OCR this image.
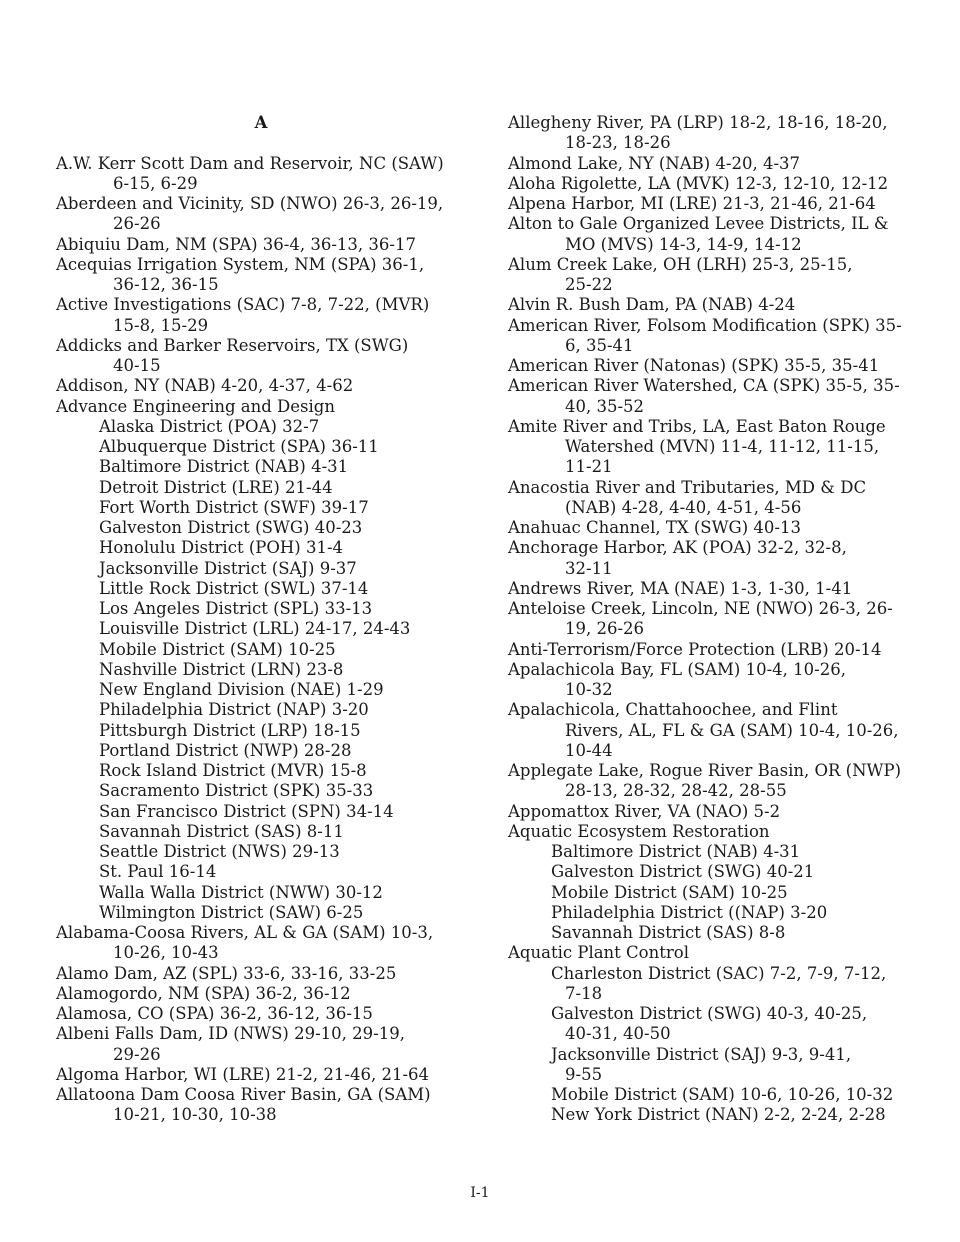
A
A.W. Kerr Scott Dam and Reservoir, NC (SAW)
6-15, 6-29
Aberdeen and Vicinity, SD (NWO) 26-3, 26-19,
26-26
Abiquiu Dam, NM (SPA) 36-4, 36-13, 36-17
Acequias Irrigation System, NM (SPA) 36-1,
36-12, 36-15
Active Investigations (SAC) 7-8, 7-22, (MVR)
15-8, 15-29
Addicks and Barker Reservoirs, TX (SWG)
40-15
Addison, NY (NAB) 4-20, 4-37, 4-62
Advance Engineering and Design
Alaska District (POA) 32-7
Albuquerque District (SPA) 36-11
Baltimore District (NAB) 4-31
Detroit District (LRE) 21-44
Fort Worth District (SWF) 39-17
Galveston District (SWG) 40-23
Honolulu District (POH) 31-4
Jacksonville District (SAJ) 9-37
Little Rock District (SWL) 37-14
Los Angeles District (SPL) 33-13
Louisville District (LRL) 24-17, 24-43
Mobile District (SAM) 10-25
Nashville District (LRN) 23-8
New England Division (NAE) 1-29
Philadelphia District (NAP) 3-20
Pittsburgh District (LRP) 18-15
Portland District (NWP) 28-28
Rock Island District (MVR) 15-8
Sacramento District (SPK) 35-33
San Francisco District (SPN) 34-14
Savannah District (SAS) 8-11
Seattle District (NWS) 29-13
St. Paul 16-14
Walla Walla District (NWW) 30-12
Wilmington District (SAW) 6-25
Alabama-Coosa Rivers, AL & GA (SAM) 10-3,
10-26, 10-43
Alamo Dam, AZ (SPL) 33-6, 33-16, 33-25
Alamogordo, NM (SPA) 36-2, 36-12
Alamosa, CO (SPA) 36-2, 36-12, 36-15
Albeni Falls Dam, ID (NWS) 29-10, 29-19,
29-26
Algoma Harbor, WI (LRE) 21-2, 21-46, 21-64
Allatoona Dam Coosa River Basin, GA (SAM)
10-21, 10-30, 10-38
Allegheny River, PA (LRP) 18-2, 18-16, 18-20,
18-23, 18-26
Almond Lake, NY (NAB) 4-20, 4-37
Aloha Rigolette, LA (MVK) 12-3, 12-10, 12-12
Alpena Harbor, MI (LRE) 21-3, 21-46, 21-64
Alton to Gale Organized Levee Districts, IL &
MO (MVS) 14-3, 14-9, 14-12
Alum Creek Lake, OH (LRH) 25-3, 25-15,
25-22
Alvin R. Bush Dam, PA (NAB) 4-24
American River, Folsom Modification (SPK) 35-
6, 35-41
American River (Natonas) (SPK) 35-5, 35-41
American River Watershed, CA (SPK) 35-5, 35-
40, 35-52
Amite River and Tribs, LA, East Baton Rouge
Watershed (MVN) 11-4, 11-12, 11-15,
11-21
Anacostia River and Tributaries, MD & DC
(NAB) 4-28, 4-40, 4-51, 4-56
Anahuac Channel, TX (SWG) 40-13
Anchorage Harbor, AK (POA) 32-2, 32-8,
32-11
Andrews River, MA (NAE) 1-3, 1-30, 1-41
Anteloise Creek, Lincoln, NE (NWO) 26-3, 26-
19, 26-26
Anti-Terrorism/Force Protection (LRB) 20-14
Apalachicola Bay, FL (SAM) 10-4, 10-26,
10-32
Apalachicola, Chattahoochee, and Flint
Rivers, AL, FL & GA (SAM) 10-4, 10-26,
10-44
Applegate Lake, Rogue River Basin, OR (NWP)
28-13, 28-32, 28-42, 28-55
Appomattox River, VA (NAO) 5-2
Aquatic Ecosystem Restoration
Baltimore District (NAB) 4-31
Galveston District (SWG) 40-21
Mobile District (SAM) 10-25
Philadelphia District ((NAP) 3-20
Savannah District (SAS) 8-8
Aquatic Plant Control
Charleston District (SAC) 7-2, 7-9, 7-12,
7-18
Galveston District (SWG) 40-3, 40-25,
40-31, 40-50
Jacksonville District (SAJ) 9-3, 9-41,
9-55
Mobile District (SAM) 10-6, 10-26, 10-32
New York District (NAN) 2-2, 2-24, 2-28
I-1
